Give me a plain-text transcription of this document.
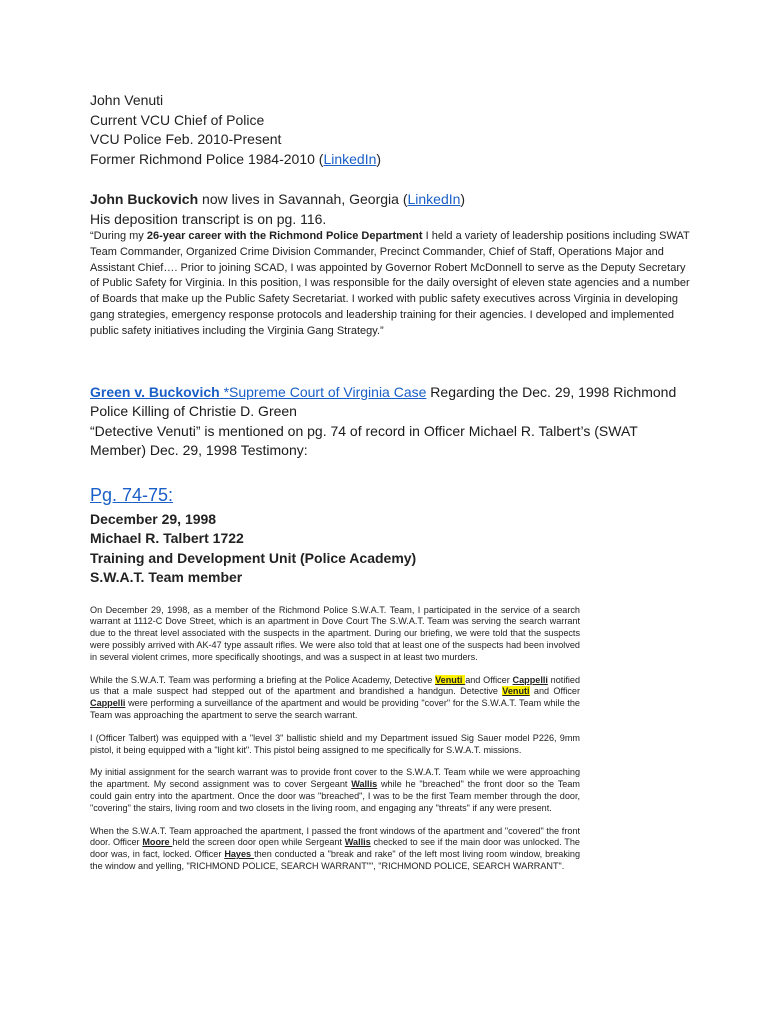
John Venuti
Current VCU Chief of Police
VCU Police Feb. 2010-Present
Former Richmond Police 1984-2010 (LinkedIn)
John Buckovich now lives in Savannah, Georgia (LinkedIn)
His deposition transcript is on pg. 116.
“During my 26-year career with the Richmond Police Department I held a variety of leadership positions including SWAT Team Commander, Organized Crime Division Commander, Precinct Commander, Chief of Staff, Operations Major and Assistant Chief…. Prior to joining SCAD, I was appointed by Governor Robert McDonnell to serve as the Deputy Secretary of Public Safety for Virginia. In this position, I was responsible for the daily oversight of eleven state agencies and a number of Boards that make up the Public Safety Secretariat. I worked with public safety executives across Virginia in developing gang strategies, emergency response protocols and leadership training for their agencies. I developed and implemented public safety initiatives including the Virginia Gang Strategy.”
Green v. Buckovich *Supreme Court of Virginia Case Regarding the Dec. 29, 1998 Richmond Police Killing of Christie D. Green
“Detective Venuti” is mentioned on pg. 74 of record in Officer Michael R. Talbert’s (SWAT Member) Dec. 29, 1998 Testimony:
Pg. 74-75:
December 29, 1998
Michael R. Talbert 1722
Training and Development Unit (Police Academy)
S.W.A.T. Team member

On December 29, 1998, as a member of the Richmond Police S.W.A.T. Team, I participated in the service of a search warrant at 1112-C Dove Street, which is an apartment in Dove Court The S.W.A.T. Team was serving the search warrant due to the threat level associated with the suspects in the apartment. During our briefing, we were told that the suspects were possibly arrived with AK-47 type assault rifles. We were also told that at least one of the suspects had been involved in several violent crimes, more specifically shootings, and was a suspect in at least two murders.

While the S.W.A.T. Team was performing a briefing at the Police Academy, Detective Venuti and Officer Cappelli notified us that a male suspect had stepped out of the apartment and brandished a handgun. Detective Venuti and Officer Cappelli were performing a surveillance of the apartment and would be providing "cover" for the S.W.A.T. Team while the Team was approaching the apartment to serve the search warrant.

I (Officer Talbert) was equipped with a "level 3" ballistic shield and my Department issued Sig Sauer model P226, 9mm pistol, it being equipped with a "light kit". This pistol being assigned to me specifically for S.W.A.T. missions.

My initial assignment for the search warrant was to provide front cover to the S.W.A.T. Team while we were approaching the apartment. My second assignment was to cover Sergeant Wallis while he "breached" the front door so the Team could gain entry into the apartment. Once the door was "breached", I was to be the first Team member through the door, "covering" the stairs, living room and two closets in the living room, and engaging any "threats" if any were present.

When the S.W.A.T. Team approached the apartment, I passed the front windows of the apartment and "covered" the front door. Officer Moore held the screen door open while Sergeant Wallis checked to see if the main door was unlocked. The door was, in fact, locked. Officer Hayes then conducted a "break and rake" of the left most living room window, breaking the window and yelling, "RICHMOND POLICE, SEARCH WARRANT"", "RICHMOND POLICE, SEARCH WARRANT".
